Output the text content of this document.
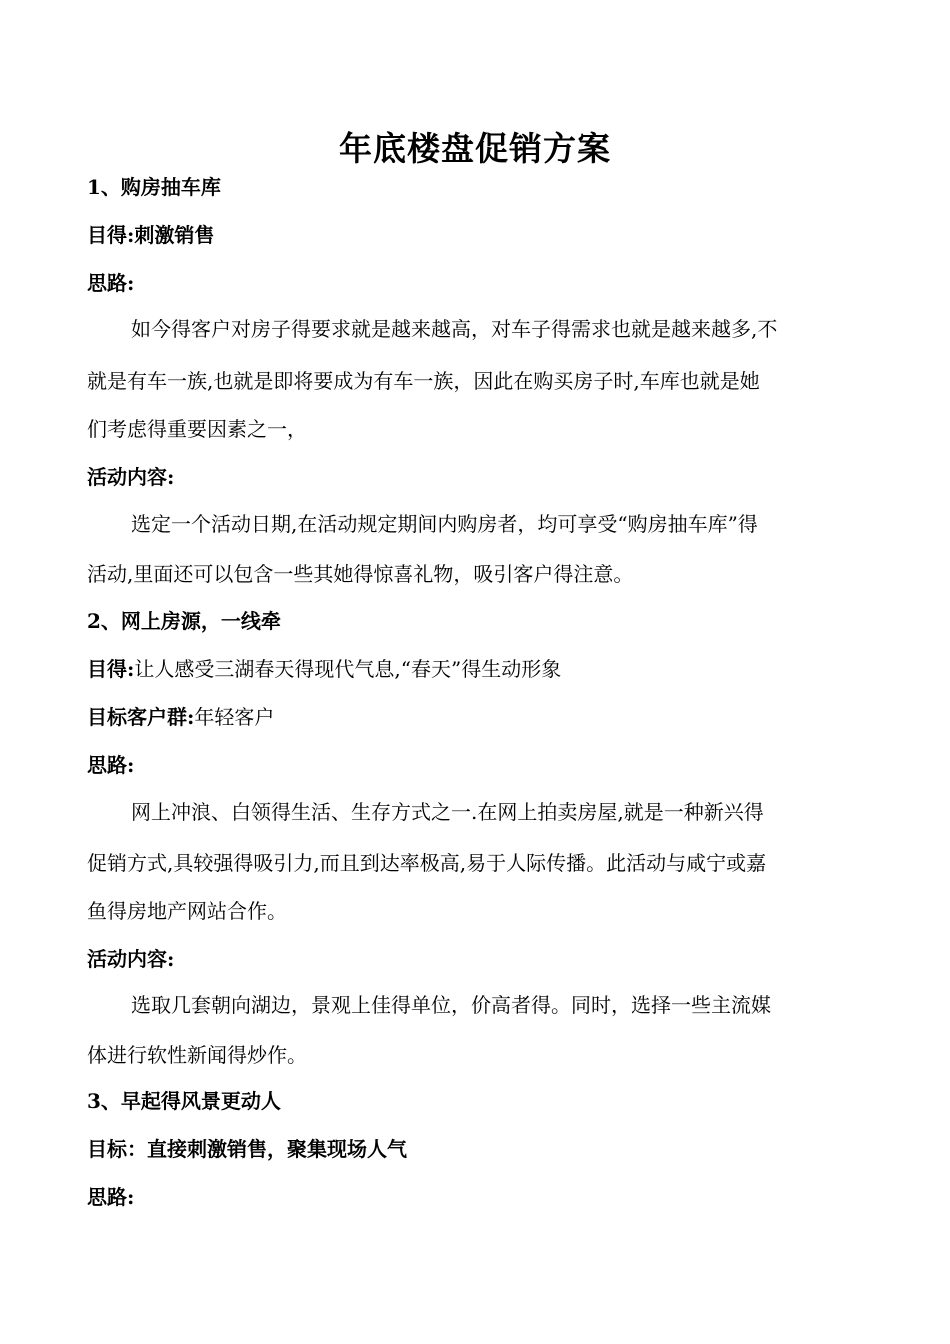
年底楼盘促销方案
1、购房抽车库
目得:刺激销售
思路:
如今得客户对房子得要求就是越来越高，对车子得需求也就是越来越多,不
就是有车一族,也就是即将要成为有车一族，因此在购买房子时,车库也就是她
们考虑得重要因素之一，
活动内容:
选定一个活动日期,在活动规定期间内购房者，均可享受“购房抽车库”得
活动,里面还可以包含一些其她得惊喜礼物，吸引客户得注意。
2、网上房源，一线牵
目得:让人感受三湖春天得现代气息,“春天”得生动形象
目标客户群:年轻客户
思路:
网上冲浪、白领得生活、生存方式之一.在网上拍卖房屋,就是一种新兴得
促销方式,具较强得吸引力,而且到达率极高,易于人际传播。此活动与咸宁或嘉
鱼得房地产网站合作。
活动内容:
选取几套朝向湖边，景观上佳得单位，价高者得。同时，选择一些主流媒
体进行软性新闻得炒作。
3、早起得风景更动人
目标：直接刺激销售，聚集现场人气
思路:
